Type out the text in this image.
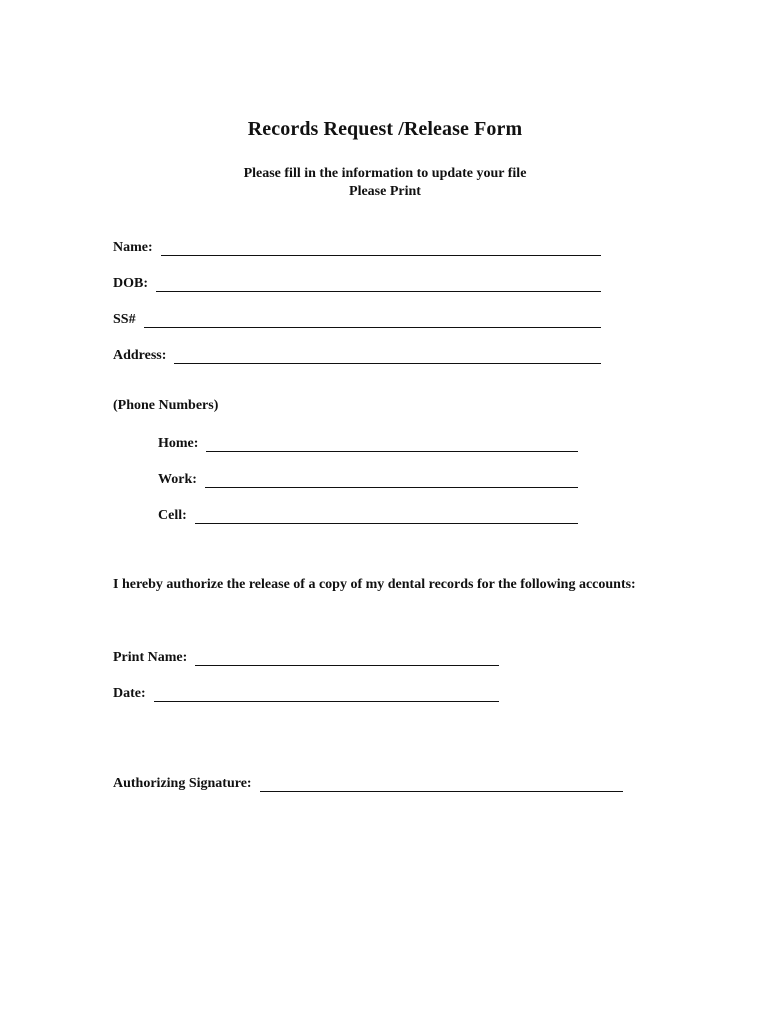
Records Request /Release Form
Please fill in the information to update your file
Please Print
Name:
DOB:
SS#
Address:
(Phone Numbers)
Home:
Work:
Cell:
I hereby authorize the release of a copy of my dental records for the following accounts:
Print Name:
Date:
Authorizing Signature:
